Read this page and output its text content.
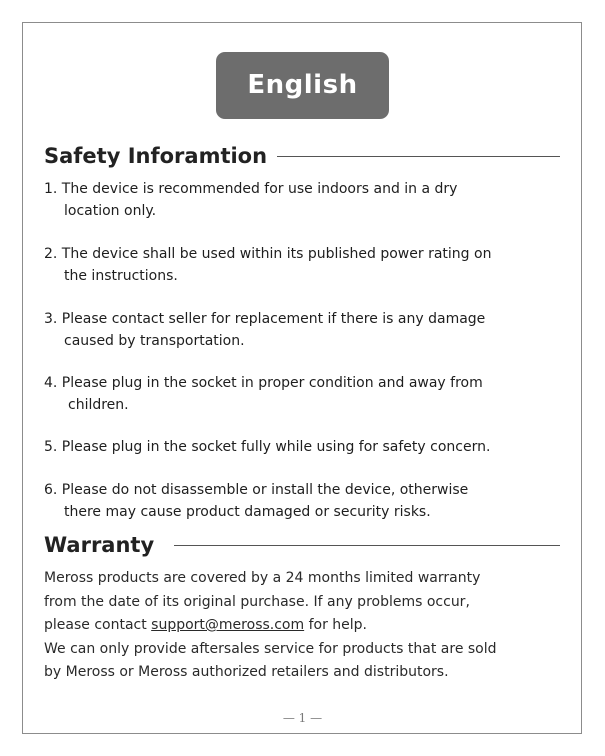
English
Safety Inforamtion
1. The device is recommended for use indoors and in a dry
location only.
2. The device shall be used within its published power rating on
the instructions.
3. Please contact seller for replacement if there is any damage
caused by transportation.
4. Please plug in the socket in proper condition and away from
children.
5. Please plug in the socket fully while using for safety concern.
6. Please do not disassemble or install the device, otherwise
there may cause product damaged or security risks.
Warranty
Meross products are covered by a 24 months limited warranty
from the date of its original purchase. If any problems occur,
please contact support@meross.com for help.
We can only provide aftersales service for products that are sold
by Meross or Meross authorized retailers and distributors.
— 1 —
